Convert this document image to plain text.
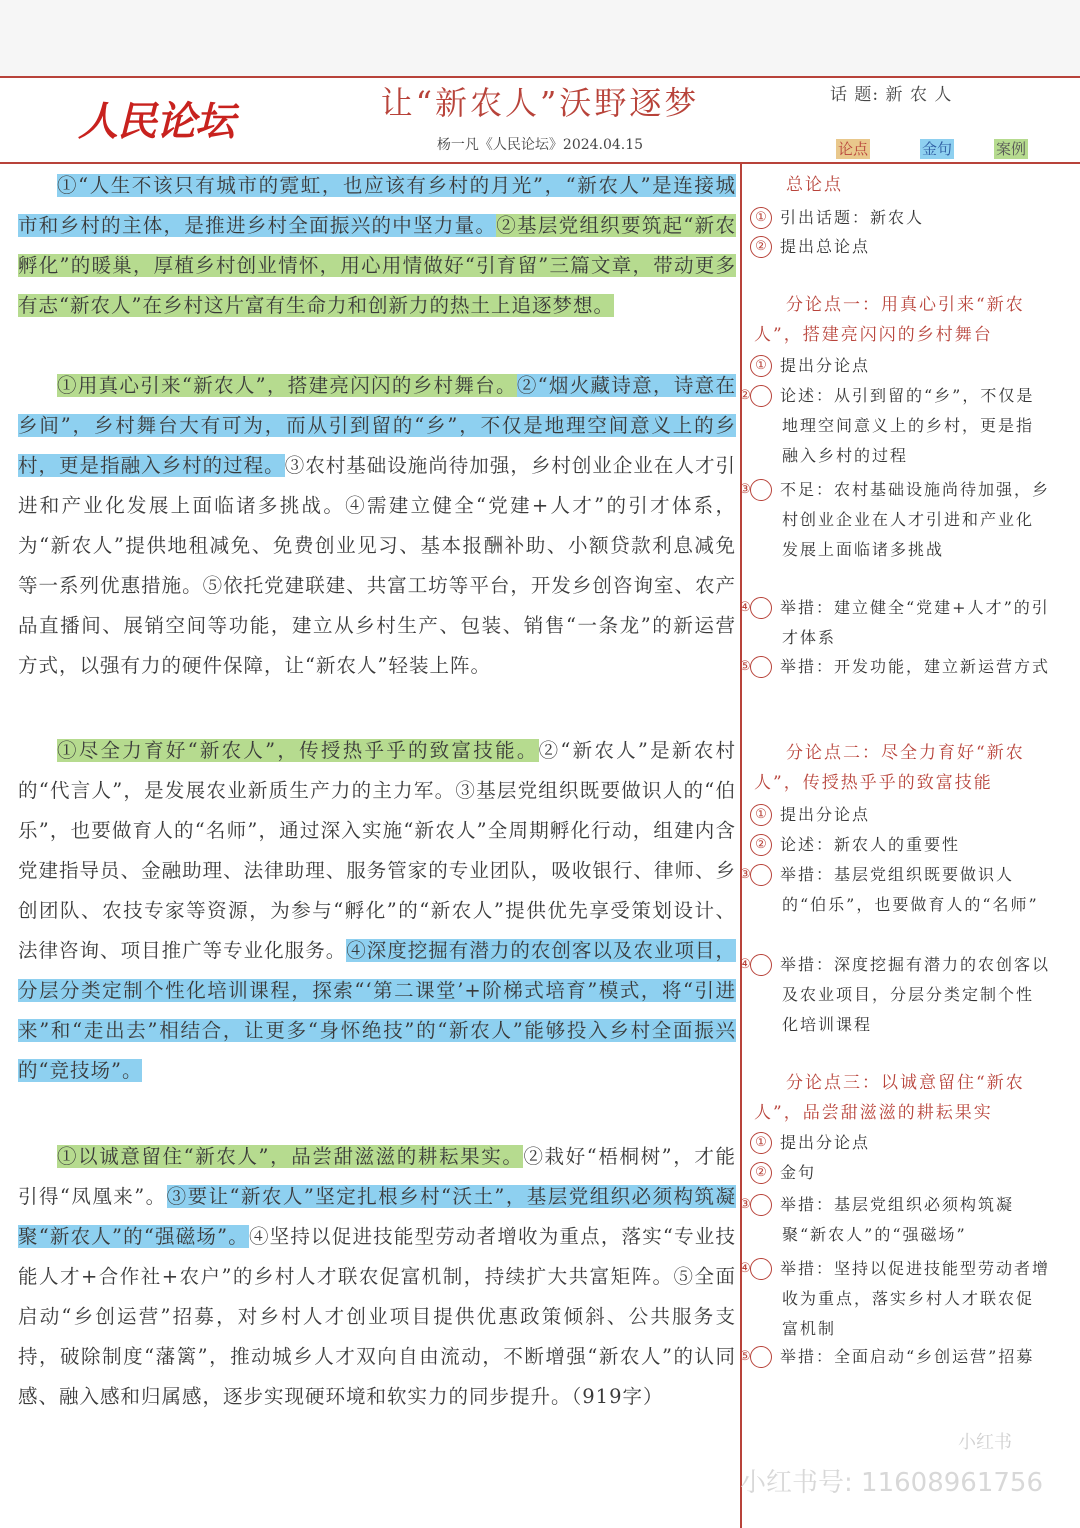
人民论坛	让“新农人”沃野逐梦
杨一凡《人民论坛》2024.04.15
话 题: 新 农 人
论点	金句	案例

①“人生不该只有城市的霓虹，也应该有乡村的月光”，“新农人”是连接城市和乡村的主体，是推进乡村全面振兴的中坚力量。②基层党组织要筑起“新农孵化”的暖巢，厚植乡村创业情怀，用心用情做好“引育留”三篇文章，带动更多有志“新农人”在乡村这片富有生命力和创新力的热土上追逐梦想。

①用真心引来“新农人”，搭建亮闪闪的乡村舞台。②“烟火藏诗意，诗意在乡间”，乡村舞台大有可为，而从引到留的“乡”，不仅是地理空间意义上的乡村，更是指融入乡村的过程。③农村基础设施尚待加强，乡村创业企业在人才引进和产业化发展上面临诸多挑战。④需建立健全“党建+人才”的引才体系，为“新农人”提供地租减免、免费创业见习、基本报酬补助、小额贷款利息减免等一系列优惠措施。⑤依托党建联建、共富工坊等平台，开发乡创咨询室、农产品直播间、展销空间等功能，建立从乡村生产、包装、销售“一条龙”的新运营方式，以强有力的硬件保障，让“新农人”轻装上阵。

①尽全力育好“新农人”，传授热乎乎的致富技能。②“新农人”是新农村的“代言人”，是发展农业新质生产力的主力军。③基层党组织既要做识人的“伯乐”，也要做育人的“名师”，通过深入实施“新农人”全周期孵化行动，组建内含党建指导员、金融助理、法律助理、服务管家的专业团队，吸收银行、律师、乡创团队、农技专家等资源，为参与“孵化”的“新农人”提供优先享受策划设计、法律咨询、项目推广等专业化服务。④深度挖掘有潜力的农创客以及农业项目，分层分类定制个性化培训课程，探索“‘第二课堂’+阶梯式培育”模式，将“引进来”和“走出去”相结合，让更多“身怀绝技”的“新农人”能够投入乡村全面振兴的“竞技场”。

①以诚意留住“新农人”，品尝甜滋滋的耕耘果实。②栽好“梧桐树”，才能引得“凤凰来”。③要让“新农人”坚定扎根乡村“沃土”，基层党组织必须构筑凝聚“新农人”的“强磁场”。④坚持以促进技能型劳动者增收为重点，落实“专业技能人才+合作社+农户”的乡村人才联农促富机制，持续扩大共富矩阵。⑤全面启动“乡创运营”招募，对乡村人才创业项目提供优惠政策倾斜、公共服务支持，破除制度“藩篱”，推动城乡人才双向自由流动，不断增强“新农人”的认同感、融入感和归属感，逐步实现硬环境和软实力的同步提升。（919字）

总论点
① 引出话题：新农人
② 提出总论点
分论点一：用真心引来“新农人”，搭建亮闪闪的乡村舞台
① 提出分论点
② 论述：从引到留的“乡”，不仅是地理空间意义上的乡村，更是指融入乡村的过程
③ 不足：农村基础设施尚待加强，乡村创业企业在人才引进和产业化发展上面临诸多挑战
④ 举措：建立健全“党建+人才”的引才体系
⑤ 举措：开发功能，建立新运营方式
分论点二：尽全力育好“新农人”，传授热乎乎的致富技能
① 提出分论点
② 论述：新农人的重要性
③ 举措：基层党组织既要做识人的“伯乐”，也要做育人的“名师”
④ 举措：深度挖掘有潜力的农创客以及农业项目，分层分类定制个性化培训课程
分论点三：以诚意留住“新农人”，品尝甜滋滋的耕耘果实
① 提出分论点
② 金句
③ 举措：基层党组织必须构筑凝聚“新农人”的“强磁场”
④ 举措：坚持以促进技能型劳动者增收为重点，落实乡村人才联农促富机制
⑤ 举措：全面启动“乡创运营”招募
小红书
小红书号: 11608961756
